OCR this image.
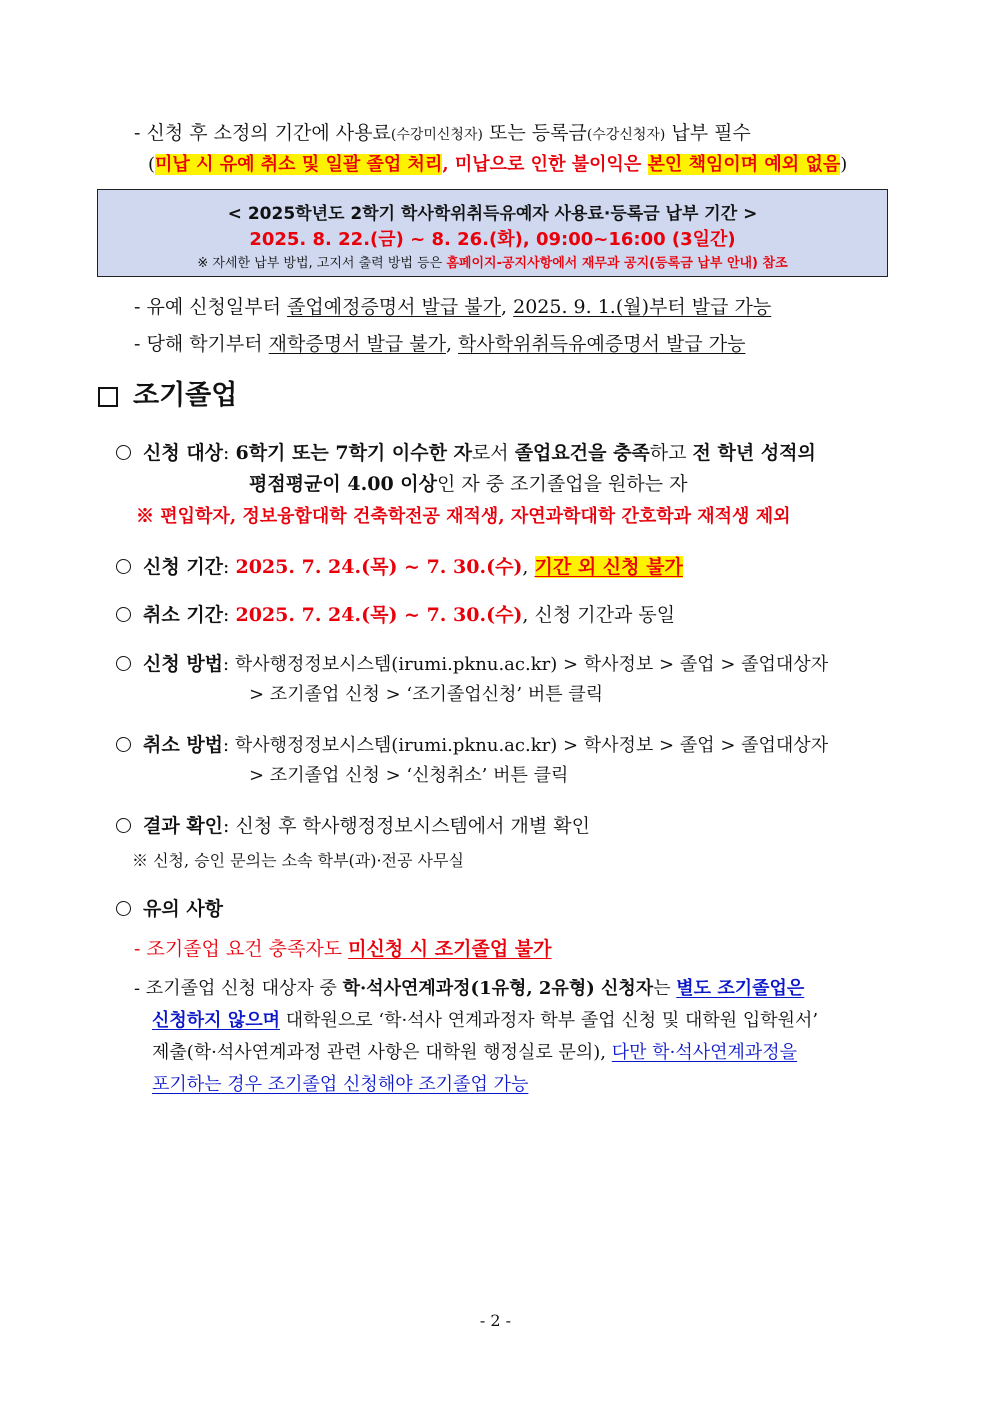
- 신청 후 소정의 기간에 사용료(수강미신청자) 또는 등록금(수강신청자) 납부 필수
(미납 시 유예 취소 및 일괄 졸업 처리, 미납으로 인한 불이익은 본인 책임이며 예외 없음)
< 2025학년도 2학기 학사학위취득유예자 사용료·등록금 납부 기간 >
2025. 8. 22.(금) ~ 8. 26.(화), 09:00~16:00 (3일간)
※ 자세한 납부 방법, 고지서 출력 방법 등은 홈페이지-공지사항에서 재무과 공지(등록금 납부 안내) 참조
- 유예 신청일부터 졸업예정증명서 발급 불가, 2025. 9. 1.(월)부터 발급 가능
- 당해 학기부터 재학증명서 발급 불가, 학사학위취득유예증명서 발급 가능
조기졸업
신청 대상: 6학기 또는 7학기 이수한 자로서 졸업요건을 충족하고 전 학년 성적의
평점평균이 4.00 이상인 자 중 조기졸업을 원하는 자
※ 편입학자, 정보융합대학 건축학전공 재적생, 자연과학대학 간호학과 재적생 제외
신청 기간: 2025. 7. 24.(목) ~ 7. 30.(수), 기간 외 신청 불가
취소 기간: 2025. 7. 24.(목) ~ 7. 30.(수), 신청 기간과 동일
신청 방법: 학사행정정보시스템(irumi.pknu.ac.kr) > 학사정보 > 졸업 > 졸업대상자
> 조기졸업 신청 > ‘조기졸업신청’ 버튼 클릭
취소 방법: 학사행정정보시스템(irumi.pknu.ac.kr) > 학사정보 > 졸업 > 졸업대상자
> 조기졸업 신청 > ‘신청취소’ 버튼 클릭
결과 확인: 신청 후 학사행정정보시스템에서 개별 확인
※ 신청, 승인 문의는 소속 학부(과)·전공 사무실
유의 사항
- 조기졸업 요건 충족자도 미신청 시 조기졸업 불가
- 조기졸업 신청 대상자 중 학·석사연계과정(1유형, 2유형) 신청자는 별도 조기졸업은
신청하지 않으며 대학원으로 ‘학·석사 연계과정자 학부 졸업 신청 및 대학원 입학원서’
제출(학·석사연계과정 관련 사항은 대학원 행정실로 문의), 다만 학·석사연계과정을
포기하는 경우 조기졸업 신청해야 조기졸업 가능
- 2 -
